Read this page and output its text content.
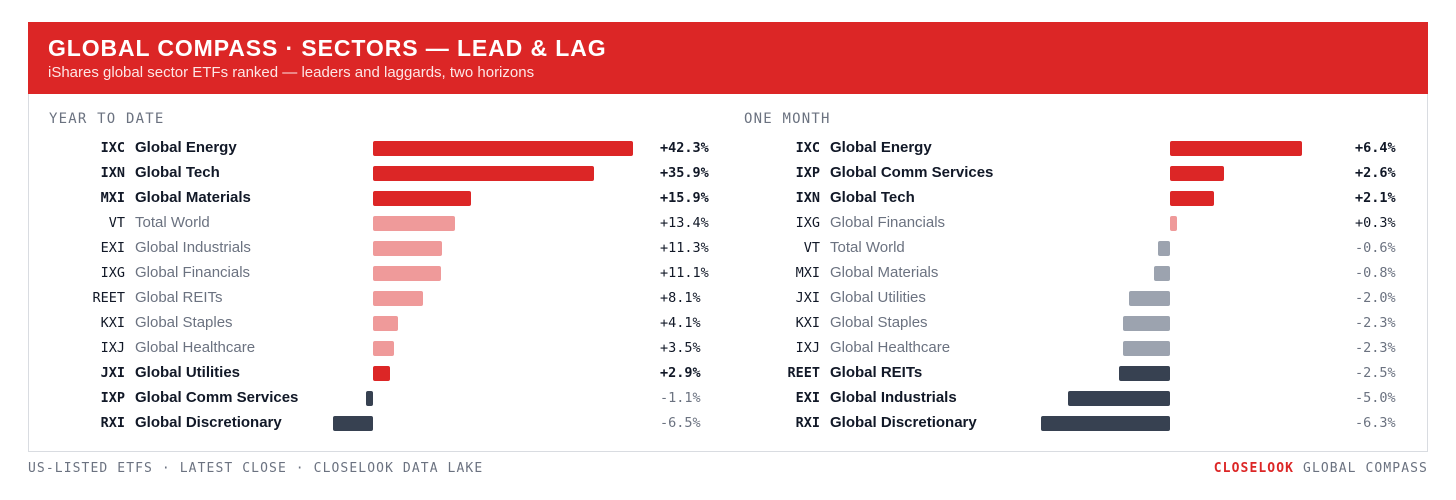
GLOBAL COMPASS · SECTORS — LEAD & LAG
iShares global sector ETFs ranked — leaders and laggards, two horizons
YEAR TO DATE
IXC Global Energy	+42.3%
IXN Global Tech	+35.9%
MXI Global Materials	+15.9%
VT Total World	+13.4%
EXI Global Industrials	+11.3%
IXG Global Financials	+11.1%
REET Global REITs	+8.1%
KXI Global Staples	+4.1%
IXJ Global Healthcare	+3.5%
JXI Global Utilities	+2.9%
IXP Global Comm Services	-1.1%
RXI Global Discretionary	-6.5%
ONE MONTH
IXC Global Energy	+6.4%
IXP Global Comm Services	+2.6%
IXN Global Tech	+2.1%
IXG Global Financials	+0.3%
VT Total World	-0.6%
MXI Global Materials	-0.8%
JXI Global Utilities	-2.0%
KXI Global Staples	-2.3%
IXJ Global Healthcare	-2.3%
REET Global REITs	-2.5%
EXI Global Industrials	-5.0%
RXI Global Discretionary	-6.3%
US-LISTED ETFS · LATEST CLOSE · CLOSELOOK DATA LAKE	CLOSELOOK GLOBAL COMPASS
